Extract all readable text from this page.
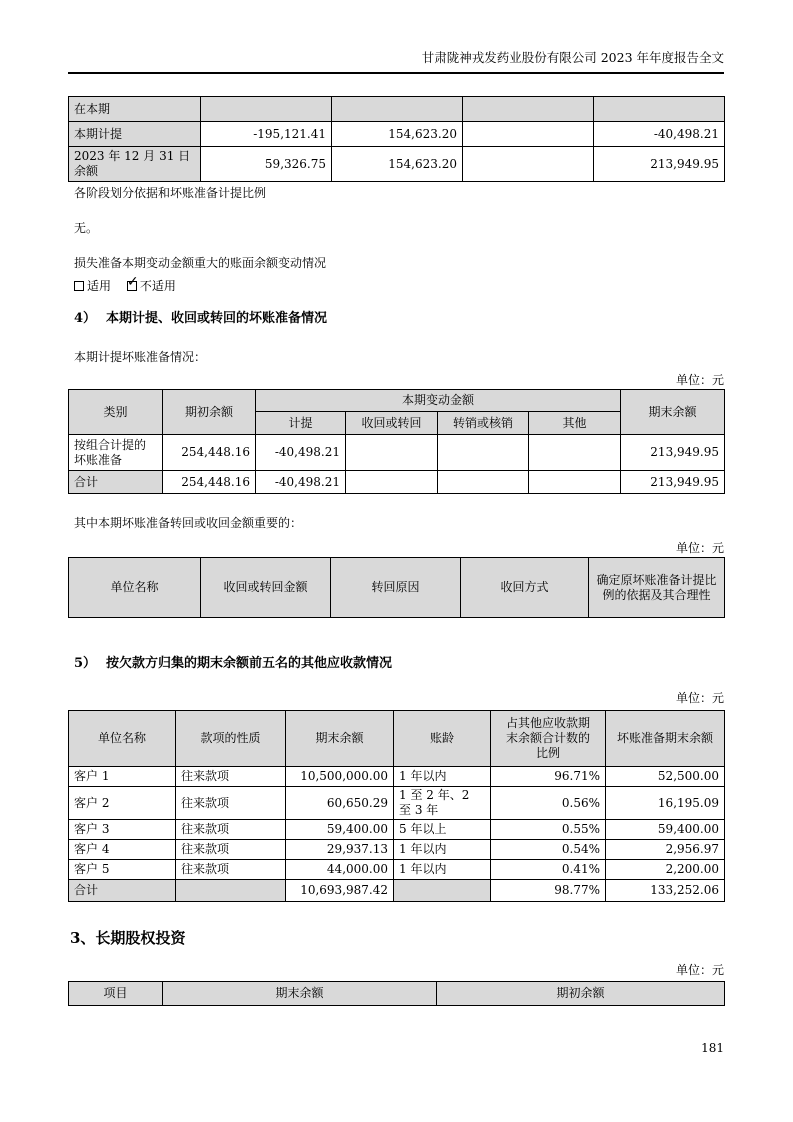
甘肃陇神戎发药业股份有限公司 2023 年年度报告全文
在本期				
本期计提	-195,121.41	154,623.20		-40,498.21
2023 年 12 月 31 日余额	59,326.75	154,623.20		213,949.95
各阶段划分依据和坏账准备计提比例
无。
损失准备本期变动金额重大的账面余额变动情况
适用 ✓ 不适用
4） 本期计提、收回或转回的坏账准备情况
本期计提坏账准备情况：
单位：元
类别	期初余额	本期变动金额				期末余额
		计提	收回或转回	转销或核销	其他	
按组合计提的坏账准备	254,448.16	-40,498.21				213,949.95
合计	254,448.16	-40,498.21				213,949.95
其中本期坏账准备转回或收回金额重要的：
单位：元
单位名称	收回或转回金额	转回原因	收回方式	确定原坏账准备计提比例的依据及其合理性
5） 按欠款方归集的期末余额前五名的其他应收款情况
单位：元
单位名称	款项的性质	期末余额	账龄	占其他应收款期末余额合计数的比例	坏账准备期末余额
客户 1	往来款项	10,500,000.00	1 年以内	96.71%	52,500.00
客户 2	往来款项	60,650.29	1 至 2 年、2 至 3 年	0.56%	16,195.09
客户 3	往来款项	59,400.00	5 年以上	0.55%	59,400.00
客户 4	往来款项	29,937.13	1 年以内	0.54%	2,956.97
客户 5	往来款项	44,000.00	1 年以内	0.41%	2,200.00
合计		10,693,987.42		98.77%	133,252.06
3、长期股权投资
单位：元
项目	期末余额	期初余额
181
